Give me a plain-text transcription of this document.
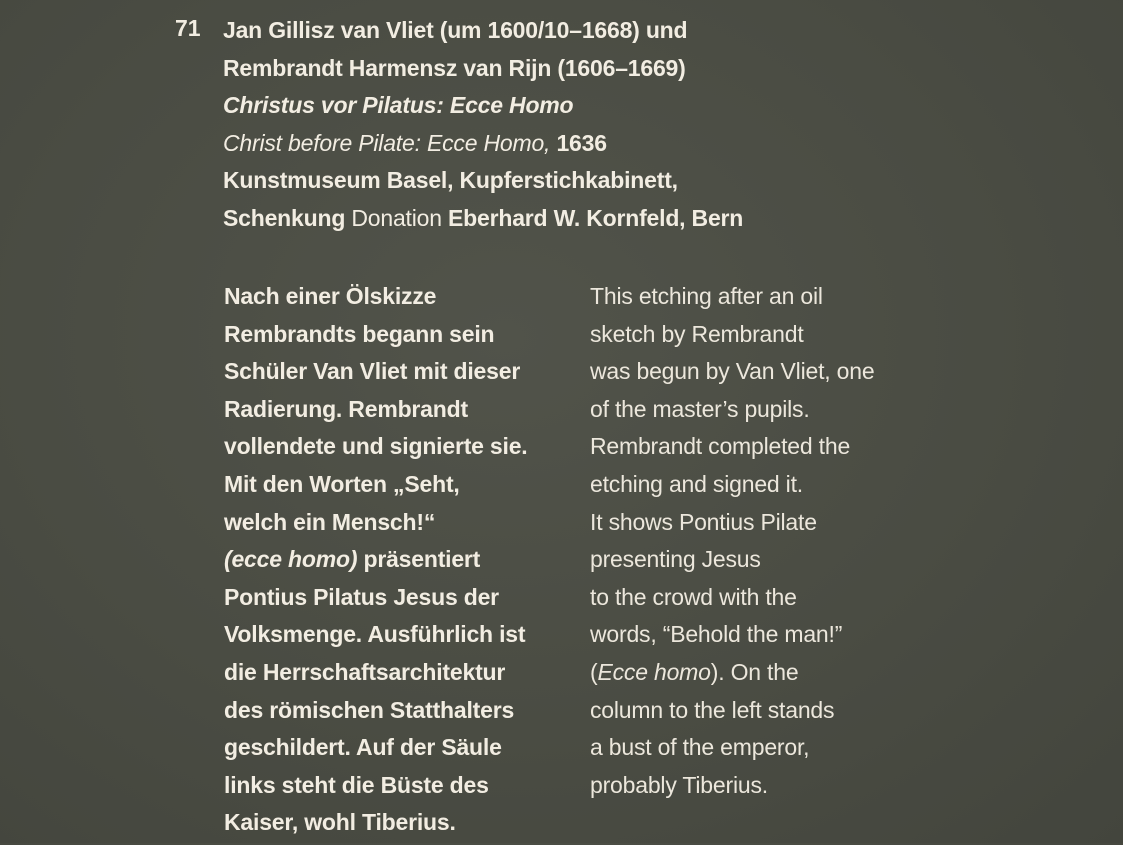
71 Jan Gillisz van Vliet (um 1600/10–1668) und
Rembrandt Harmensz van Rijn (1606–1669)
Christus vor Pilatus: Ecce Homo
Christ before Pilate: Ecce Homo, 1636
Kunstmuseum Basel, Kupferstichkabinett,
Schenkung Donation Eberhard W. Kornfeld, Bern
Nach einer Ölskizze
Rembrandts begann sein
Schüler Van Vliet mit dieser
Radierung. Rembrandt
vollendete und signierte sie.
Mit den Worten „Seht,
welch ein Mensch!“
(ecce homo) präsentiert
Pontius Pilatus Jesus der
Volksmenge. Ausführlich ist
die Herrschaftsarchitektur
des römischen Statthalters
geschildert. Auf der Säule
links steht die Büste des
Kaiser, wohl Tiberius.
This etching after an oil
sketch by Rembrandt
was begun by Van Vliet, one
of the master’s pupils.
Rembrandt completed the
etching and signed it.
It shows Pontius Pilate
presenting Jesus
to the crowd with the
words, “Behold the man!”
(Ecce homo). On the
column to the left stands
a bust of the emperor,
probably Tiberius.
